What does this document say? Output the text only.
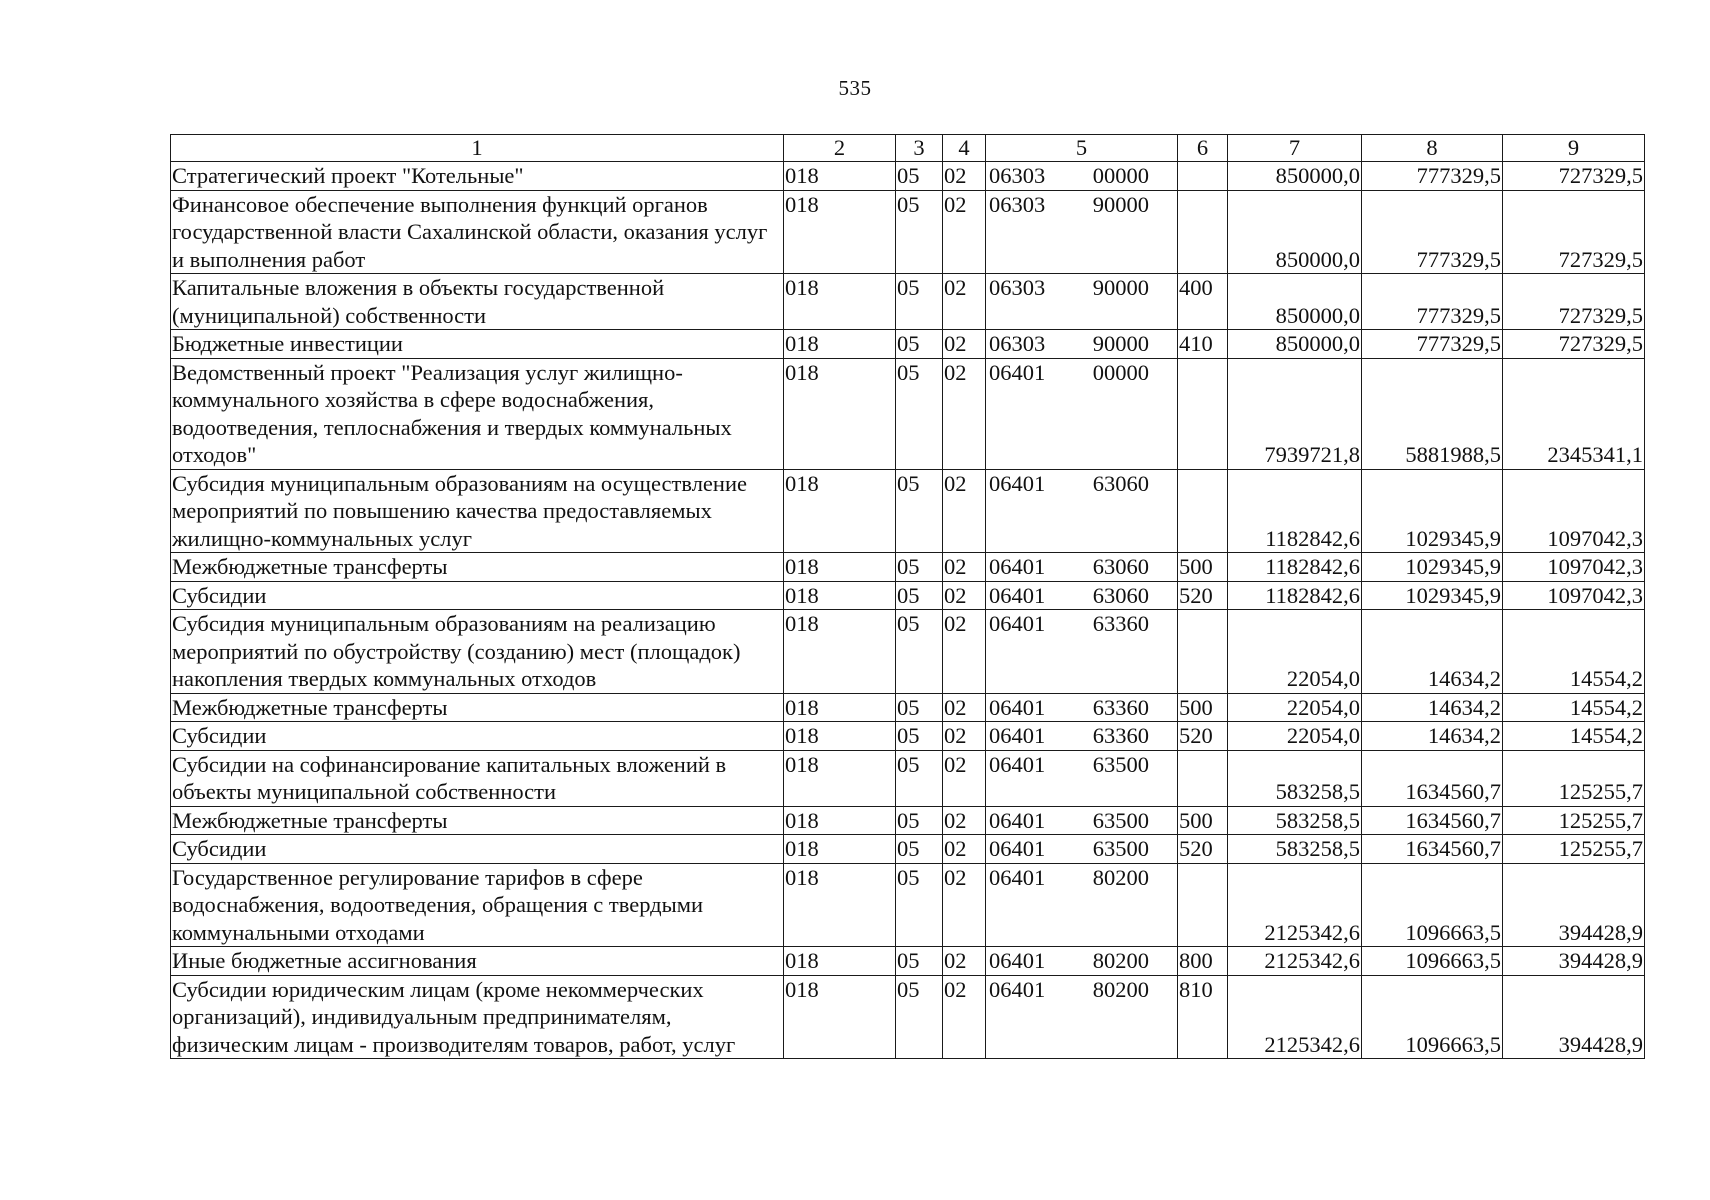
535
1	2	3	4	5	6	7	8	9
Стратегический проект "Котельные"	018	05	02	06303 00000		850000,0	777329,5	727329,5
Финансовое обеспечение выполнения функций органов государственной власти Сахалинской области, оказания услуг и выполнения работ	018	05	02	06303 90000		850000,0	777329,5	727329,5
Капитальные вложения в объекты государственной (муниципальной) собственности	018	05	02	06303 90000	400	850000,0	777329,5	727329,5
Бюджетные инвестиции	018	05	02	06303 90000	410	850000,0	777329,5	727329,5
Ведомственный проект "Реализация услуг жилищно-коммунального хозяйства в сфере водоснабжения, водоотведения, теплоснабжения и твердых коммунальных отходов"	018	05	02	06401 00000		7939721,8	5881988,5	2345341,1
Субсидия муниципальным образованиям на осуществление мероприятий по повышению качества предоставляемых жилищно-коммунальных услуг	018	05	02	06401 63060		1182842,6	1029345,9	1097042,3
Межбюджетные трансферты	018	05	02	06401 63060	500	1182842,6	1029345,9	1097042,3
Субсидии	018	05	02	06401 63060	520	1182842,6	1029345,9	1097042,3
Субсидия муниципальным образованиям на реализацию мероприятий по обустройству (созданию) мест (площадок) накопления твердых коммунальных отходов	018	05	02	06401 63360		22054,0	14634,2	14554,2
Межбюджетные трансферты	018	05	02	06401 63360	500	22054,0	14634,2	14554,2
Субсидии	018	05	02	06401 63360	520	22054,0	14634,2	14554,2
Субсидии на софинансирование капитальных вложений в объекты муниципальной собственности	018	05	02	06401 63500		583258,5	1634560,7	125255,7
Межбюджетные трансферты	018	05	02	06401 63500	500	583258,5	1634560,7	125255,7
Субсидии	018	05	02	06401 63500	520	583258,5	1634560,7	125255,7
Государственное регулирование тарифов в сфере водоснабжения, водоотведения, обращения с твердыми коммунальными отходами	018	05	02	06401 80200		2125342,6	1096663,5	394428,9
Иные бюджетные ассигнования	018	05	02	06401 80200	800	2125342,6	1096663,5	394428,9
Субсидии юридическим лицам (кроме некоммерческих организаций), индивидуальным предпринимателям, физическим лицам - производителям товаров, работ, услуг	018	05	02	06401 80200	810	2125342,6	1096663,5	394428,9
